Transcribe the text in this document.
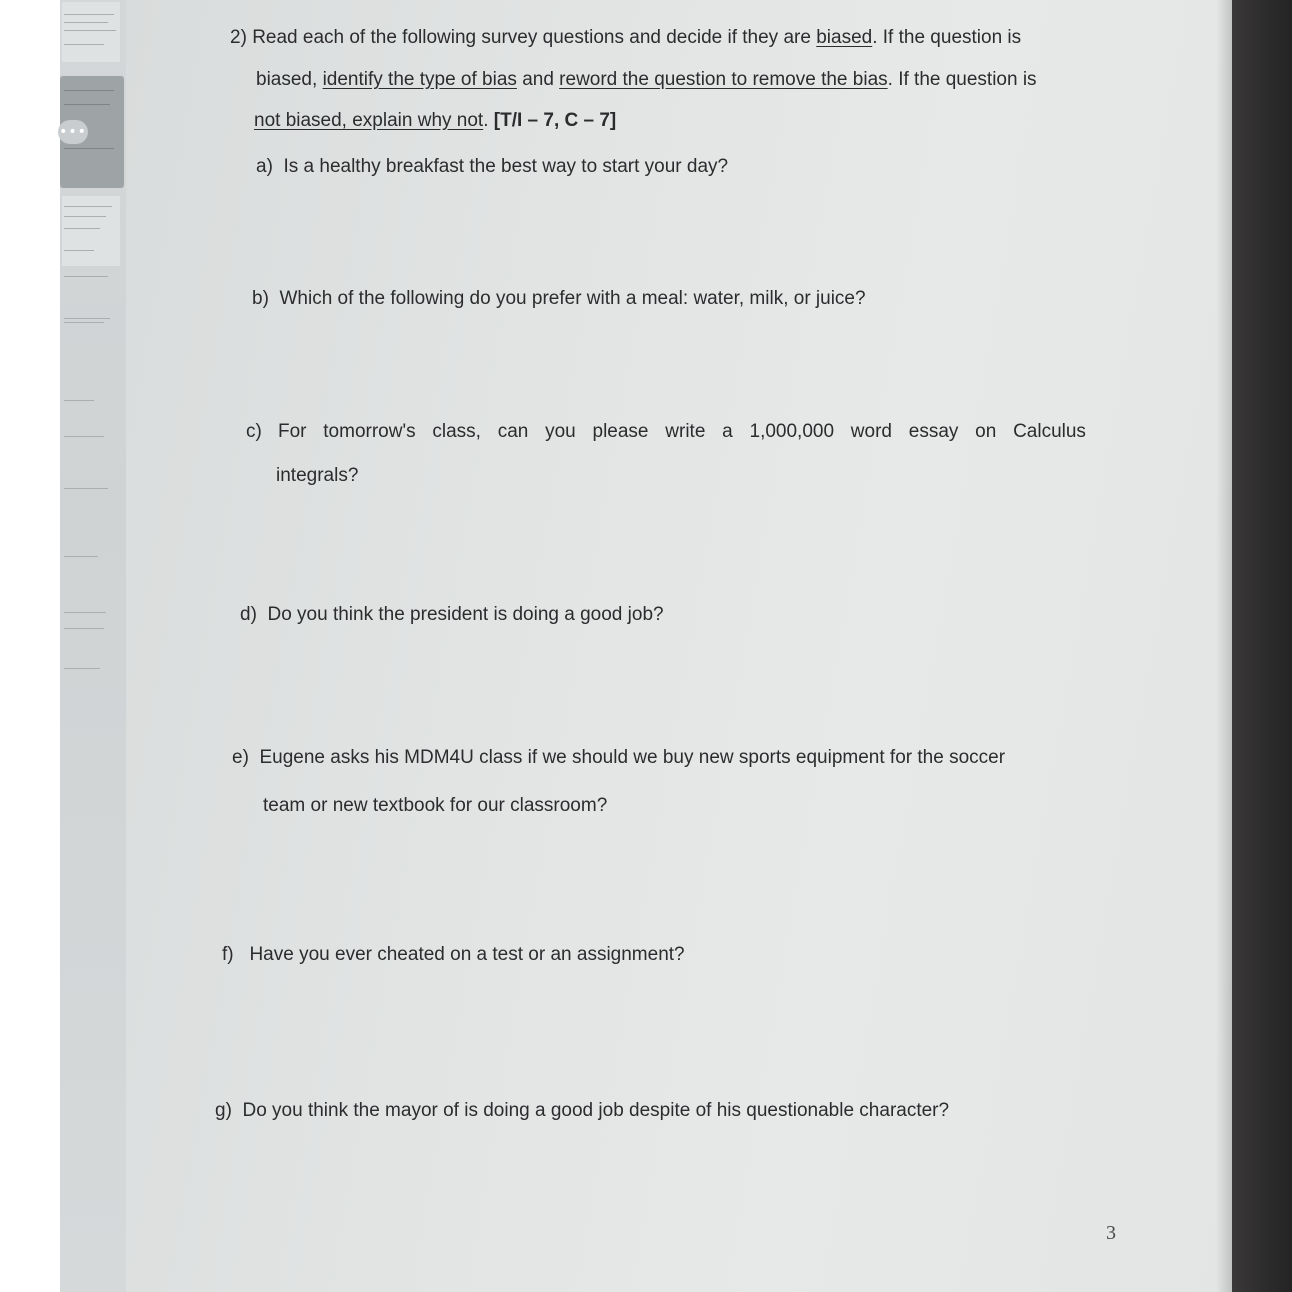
•••
2) Read each of the following survey questions and decide if they are biased. If the question is
biased, identify the type of bias and reword the question to remove the bias. If the question is
not biased, explain why not. [T/I – 7, C – 7]
a) Is a healthy breakfast the best way to start your day?
b) Which of the following do you prefer with a meal: water, milk, or juice?
c) For tomorrow's class, can you please write a 1,000,000 word essay on Calculus
integrals?
d) Do you think the president is doing a good job?
e) Eugene asks his MDM4U class if we should we buy new sports equipment for the soccer
team or new textbook for our classroom?
f) Have you ever cheated on a test or an assignment?
g) Do you think the mayor of is doing a good job despite of his questionable character?
3
